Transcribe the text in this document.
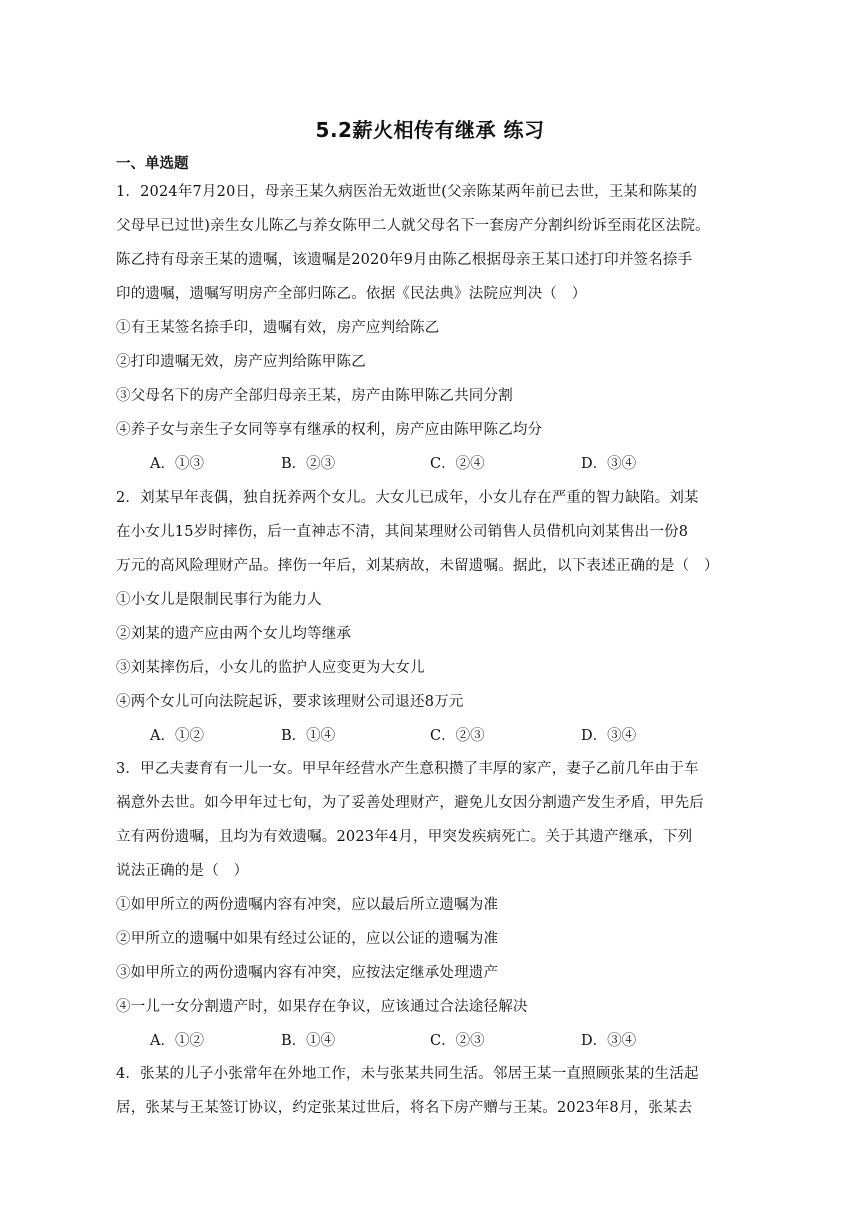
5.2薪火相传有继承 练习
一、单选题
1．2024年7月20日，母亲王某久病医治无效逝世(父亲陈某两年前已去世，王某和陈某的
父母早已过世)亲生女儿陈乙与养女陈甲二人就父母名下一套房产分割纠纷诉至雨花区法院。
陈乙持有母亲王某的遗嘱，该遗嘱是2020年9月由陈乙根据母亲王某口述打印并签名捺手
印的遗嘱，遗嘱写明房产全部归陈乙。依据《民法典》法院应判决（　）
①有王某签名捺手印，遗嘱有效，房产应判给陈乙
②打印遗嘱无效，房产应判给陈甲陈乙
③父母名下的房产全部归母亲王某，房产由陈甲陈乙共同分割
④养子女与亲生子女同等享有继承的权利，房产应由陈甲陈乙均分
A．①③	B．②③	C．②④	D．③④
2．刘某早年丧偶，独自抚养两个女儿。大女儿已成年，小女儿存在严重的智力缺陷。刘某
在小女儿15岁时摔伤，后一直神志不清，其间某理财公司销售人员借机向刘某售出一份8
万元的高风险理财产品。摔伤一年后，刘某病故，未留遗嘱。据此，以下表述正确的是（　）
①小女儿是限制民事行为能力人
②刘某的遗产应由两个女儿均等继承
③刘某摔伤后，小女儿的监护人应变更为大女儿
④两个女儿可向法院起诉，要求该理财公司退还8万元
A．①②	B．①④	C．②③	D．③④
3．甲乙夫妻育有一儿一女。甲早年经营水产生意积攒了丰厚的家产，妻子乙前几年由于车
祸意外去世。如今甲年过七旬，为了妥善处理财产，避免儿女因分割遗产发生矛盾，甲先后
立有两份遗嘱，且均为有效遗嘱。2023年4月，甲突发疾病死亡。关于其遗产继承，下列
说法正确的是（　）
①如甲所立的两份遗嘱内容有冲突，应以最后所立遗嘱为准
②甲所立的遗嘱中如果有经过公证的，应以公证的遗嘱为准
③如甲所立的两份遗嘱内容有冲突，应按法定继承处理遗产
④一儿一女分割遗产时，如果存在争议，应该通过合法途径解决
A．①②	B．①④	C．②③	D．③④
4．张某的儿子小张常年在外地工作，未与张某共同生活。邻居王某一直照顾张某的生活起
居，张某与王某签订协议，约定张某过世后，将名下房产赠与王某。2023年8月，张某去
